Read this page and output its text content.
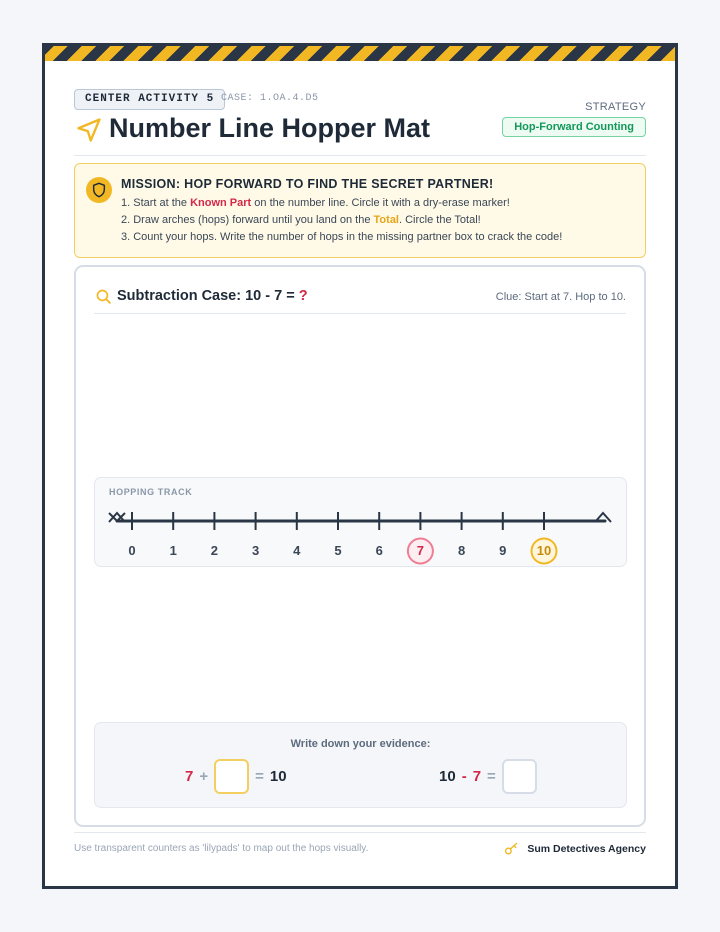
CENTER ACTIVITY 5 CASE: 1.OA.4.D5
Number Line Hopper Mat
STRATEGY
Hop-Forward Counting
MISSION: HOP FORWARD TO FIND THE SECRET PARTNER!
1. Start at the Known Part on the number line. Circle it with a dry-erase marker!
2. Draw arches (hops) forward until you land on the Total. Circle the Total!
3. Count your hops. Write the number of hops in the missing partner box to crack the code!
Subtraction Case: 10 - 7 = ?	Clue: Start at 7. Hop to 10.
HOPPING TRACK
0	1	2	3	4	5	6	7	8	9 10
Write down your evidence:
7 +	= 10	10 - 7 =
Use transparent counters as 'lilypads' to map out the hops visually.	Sum Detectives Agency
